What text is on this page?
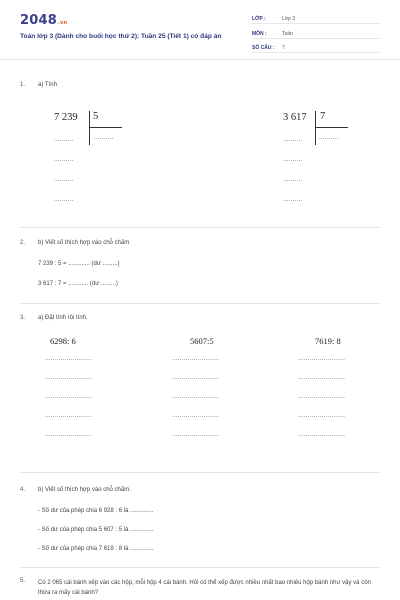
2048.vn
Toán lớp 3 (Dành cho buổi học thứ 2): Tuần 25 (Tiết 1) có đáp án
LỚP :	Lớp 3
MÔN :	Toán
SỐ CÂU : 7
1. a) Tính
7 239 5
..........
..........
..........
..........
..........
3 617 7
..........
..........
..........
..........
..........
2. b) Viết số thích hợp vào chỗ chấm
7 239 : 5 = ............. (dư .........)
3 617 : 7 = ............ (dư .........)
3. a) Đặt tính rồi tính.
6298: 6	5607:5	7619: 8
........................
........................
........................
........................
........................
........................
........................
........................
........................
........................
........................
........................
........................
........................
........................
4. b) Viết số thích hợp vào chỗ chấm.
- Số dư của phép chia 6 928 : 6 là ..............
- Số dư của phép chia 5 607 : 5 là ..............
- Số dư của phép chia 7 619 : 8 là ..............
5. Có 2 065 cái bánh xếp vào các hộp, mỗi hộp 4 cái bánh. Hỏi có thể xếp được nhiều nhất bao nhiêu hộp bánh như vậy và còn thừa ra mấy cái bánh?
